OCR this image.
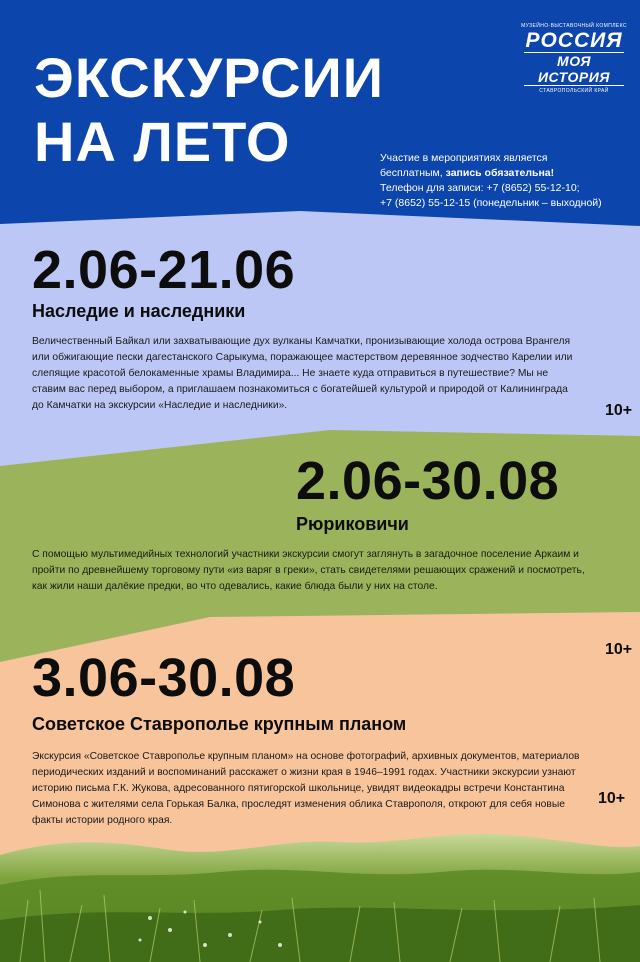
ЭКСКУРСИИ
НА ЛЕТО
МУЗЕЙНО-ВЫСТАВОЧНЫЙ КОМПЛЕКС
РОССИЯ
МОЯ ИСТОРИЯ
СТАВРОПОЛЬСКИЙ КРАЙ
Участие в мероприятиях является
бесплатным, запись обязательна!
Телефон для записи: +7 (8652) 55-12-10;
+7 (8652) 55-12-15 (понедельник – выходной)
2.06-21.06
Наследие и наследники
Величественный Байкал или захватывающие дух вулканы Камчатки, пронизывающие холода острова Врангеля или обжигающие пески дагестанского Сарыкума, поражающее мастерством деревянное зодчество Карелии или слепящие красотой белокаменные храмы Владимира... Не знаете куда отправиться в путешествие? Мы не ставим вас перед выбором, а приглашаем познакомиться с богатейшей культурой и природой от Калининграда до Камчатки на экскурсии «Наследие и наследники».	10+
2.06-30.08
Рюриковичи
С помощью мультимедийных технологий участники экскурсии смогут заглянуть в загадочное поселение Аркаим и пройти по древнейшему торговому пути «из варяг в греки», стать свидетелями решающих сражений и посмотреть, как жили наши далёкие предки, во что одевались, какие блюда были у них на столе.
10+
3.06-30.08
Советское Ставрополье крупным планом
Экскурсия «Советское Ставрополье крупным планом» на основе фотографий, архивных документов, материалов периодических изданий и воспоминаний расскажет о жизни края в 1946–1991 годах. Участники экскурсии узнают историю письма Г.К. Жукова, адресованного пятигорской школьнице, увидят видеокадры встречи Константина Симонова с жителями села Горькая Балка, проследят изменения облика Ставрополя, откроют для себя новые факты истории родного края.
10+
